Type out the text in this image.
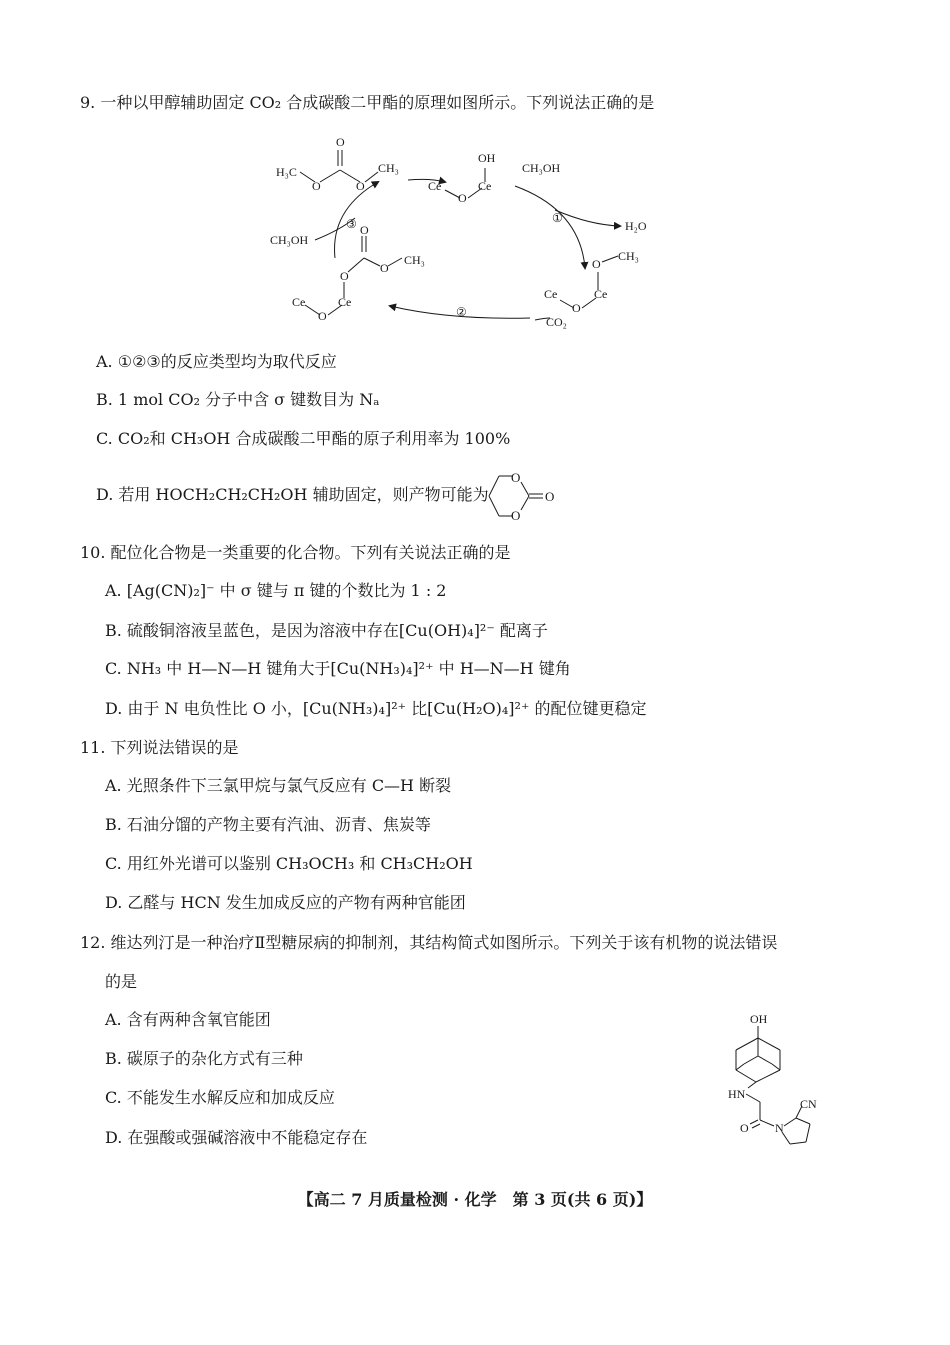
9. 一种以甲醇辅助固定 CO₂ 合成碳酸二甲酯的原理如图所示。下列说法正确的是
H₃C
O
O
O
CH₃
OH
Ce
O
Ce
CH₃OH
①
H₂O
O
CH₃
Ce
O
Ce
CO₂
②
CH₃OH
③ O
O
O
CH₃
Ce
O
Ce
A. ①②③的反应类型均为取代反应
B. 1 mol CO₂ 分子中含 σ 键数目为 Nₐ
C. CO₂和 CH₃OH 合成碳酸二甲酯的原子利用率为 100%
D. 若用 HOCH₂CH₂CH₂OH 辅助固定，则产物可能为
O
O
O
10. 配位化合物是一类重要的化合物。下列有关说法正确的是
A. [Ag(CN)₂]⁻ 中 σ 键与 π 键的个数比为 1 : 2
B. 硫酸铜溶液呈蓝色，是因为溶液中存在[Cu(OH)₄]²⁻ 配离子
C. NH₃ 中 H—N—H 键角大于[Cu(NH₃)₄]²⁺ 中 H—N—H 键角
D. 由于 N 电负性比 O 小，[Cu(NH₃)₄]²⁺ 比[Cu(H₂O)₄]²⁺ 的配位键更稳定
11. 下列说法错误的是
A. 光照条件下三氯甲烷与氯气反应有 C—H 断裂
B. 石油分馏的产物主要有汽油、沥青、焦炭等
C. 用红外光谱可以鉴别 CH₃OCH₃ 和 CH₃CH₂OH
D. 乙醛与 HCN 发生加成反应的产物有两种官能团
12. 维达列汀是一种治疗Ⅱ型糖尿病的抑制剂，其结构简式如图所示。下列关于该有机物的说法错误
的是
A. 含有两种含氧官能团
B. 碳原子的杂化方式有三种
C. 不能发生水解反应和加成反应
D. 在强酸或强碱溶液中不能稳定存在
OH
HN
O N
CN
【高二 7 月质量检测 · 化学　第 3 页(共 6 页)】
